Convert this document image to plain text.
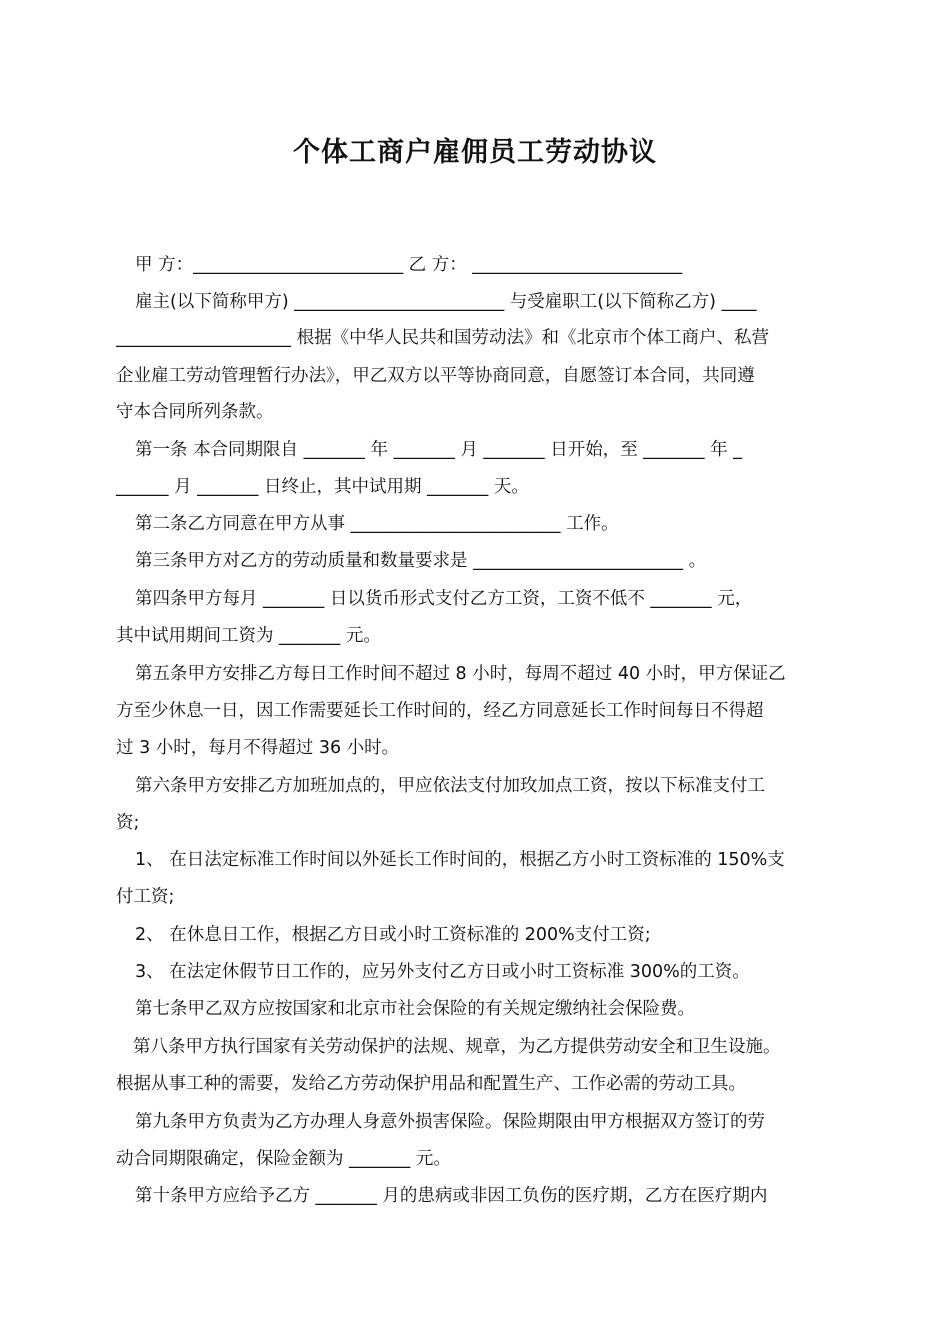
个体工商户雇佣员工劳动协议
甲 方：________________________ 乙 方： ________________________
雇主(以下简称甲方) ________________________ 与受雇职工(以下简称乙方) ____
____________________ 根据《中华人民共和国劳动法》和《北京市个体工商户、私营
企业雇工劳动管理暂行办法》，甲乙双方以平等协商同意，自愿签订本合同，共同遵
守本合同所列条款。
第一条 本合同期限自 _______ 年 _______ 月 _______ 日开始，至 _______ 年 _
______ 月 _______ 日终止，其中试用期 _______ 天。
第二条乙方同意在甲方从事 ________________________ 工作。
第三条甲方对乙方的劳动质量和数量要求是 ________________________ 。
第四条甲方每月 _______ 日以货币形式支付乙方工资，工资不低不 _______ 元，
其中试用期间工资为 _______ 元。
第五条甲方安排乙方每日工作时间不超过 8 小时，每周不超过 40 小时，甲方保证乙
方至少休息一日，因工作需要延长工作时间的，经乙方同意延长工作时间每日不得超
过 3 小时，每月不得超过 36 小时。
第六条甲方安排乙方加班加点的，甲应依法支付加玫加点工资，按以下标准支付工
资;
1、 在日法定标准工作时间以外延长工作时间的，根据乙方小时工资标准的 150%支
付工资;
2、 在休息日工作，根据乙方日或小时工资标准的 200%支付工资;
3、 在法定休假节日工作的，应另外支付乙方日或小时工资标准 300%的工资。
第七条甲乙双方应按国家和北京市社会保险的有关规定缴纳社会保险费。
第八条甲方执行国家有关劳动保护的法规、规章，为乙方提供劳动安全和卫生设施。
根据从事工种的需要，发给乙方劳动保护用品和配置生产、工作必需的劳动工具。
第九条甲方负责为乙方办理人身意外损害保险。保险期限由甲方根据双方签订的劳
动合同期限确定，保险金额为 _______ 元。
第十条甲方应给予乙方 _______ 月的患病或非因工负伤的医疗期，乙方在医疗期内
